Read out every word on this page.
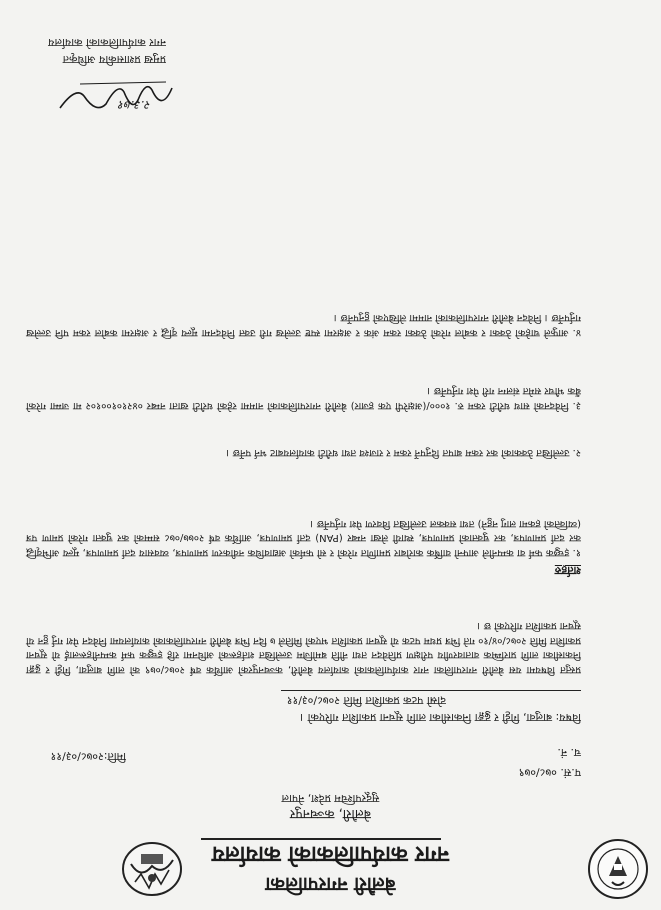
बेलौरी नगरपालिका
नगर कार्यपालिकाको कार्यालय
बेलौरी, कञ्चनपुर
सुदूरपश्चिम प्रदेश, नेपाल
प.सं. ०७८/०७९
च. नं.
मिति:२०७८/०३/११
विषय: बालुवा, गिट्टी र ढुङ्गा निकासीका लागि सूचना प्रकाशित गरिएको ।
दोस्रो पटक प्रकाशित मिति २०७८/०३/११

प्रस्तुत विषयमा यस बेलौरी नगरपालिका नगर कार्यपालिकाको कार्यालय बेलौरी, कञ्चनपुरको आर्थिक वर्ष २०७८/०७९ को लागि बालुवा, गिट्टी र ढुङ्गा निकासीका लागि प्रारम्भिक वातावरणीय परीक्षण प्रतिवेदन तथा नीति बमोजिम उल्लेखित शर्तहरूको अधिनमा रहि इच्छुक फर्म कम्पनीहरूलाई यो सूचना प्रकाशित मिति २०७८/०४/१० गते भित्र प्रथम पटक यो सूचना प्रकाशित भएको मितिले ७ दिन भित्र बेलौरी नगरपालिकाको कार्यालयमा निवेदन पेश गर्नु हुन यो सूचना प्रकाशित गरिएको छ ।

शर्तहरु

१. इच्छुक फर्म वा कम्पनीले आफ्नो वार्षिक कारोबार प्रमाणित गरेको र सो फर्मको अद्यावधिक नवीकरण प्रमाणपत्र, व्यवसाय दर्ता प्रमाणपत्र, मूल्य अभिवृद्धि कर दर्ता प्रमाणपत्र, कर चुक्ताको प्रमाणपत्र, स्थायी लेखा नम्बर (PAN) दर्ता प्रमाणपत्र, आर्थिक वर्ष २०७७/०७८ सम्मको कर चुक्ता गरेको प्रमाण पत्र (व्यक्तिको हकमा लागु नहुने) तथा सक्कल उल्लेखित विवरण पेश गर्नुपर्नेछ ।

२. उल्लेखित ठेक्काको कर रकम बापत दिनुपर्ने रकम र राजश्व तथा धरौटी कार्यालयबाट भर्न पर्नेछ ।

३. निवेदनको साथ धरौटी रकम रु. १०००/(अक्षरेपी एक हजार) बेलौरी नगरपालिकाको नाममा रहेको धरौटी खाता नम्बर ०४२१०१००१०२ मा जम्मा गरेको बैंक भौचर समेत संलग्न गरी पेश गर्नुपर्नेछ ।

४. आफुले चाहेको ठेक्का र कबोल गरेको ठेक्का रकम अंक र अक्षरमा स्पष्ट उल्लेख गरी उक्त निवेदनमा मूल्य वृद्धि र अक्षरमा कबोल रकम पनि उल्लेख गर्नुपर्नेछ । निवेदन बेलौरी नगरपालिकाको नाममा लेखिएको हुनुपर्नेछ ।

२.३.७१
प्रमुख प्रशासकीय अधिकृत
नगर कार्यपालिकाको कार्यालय
